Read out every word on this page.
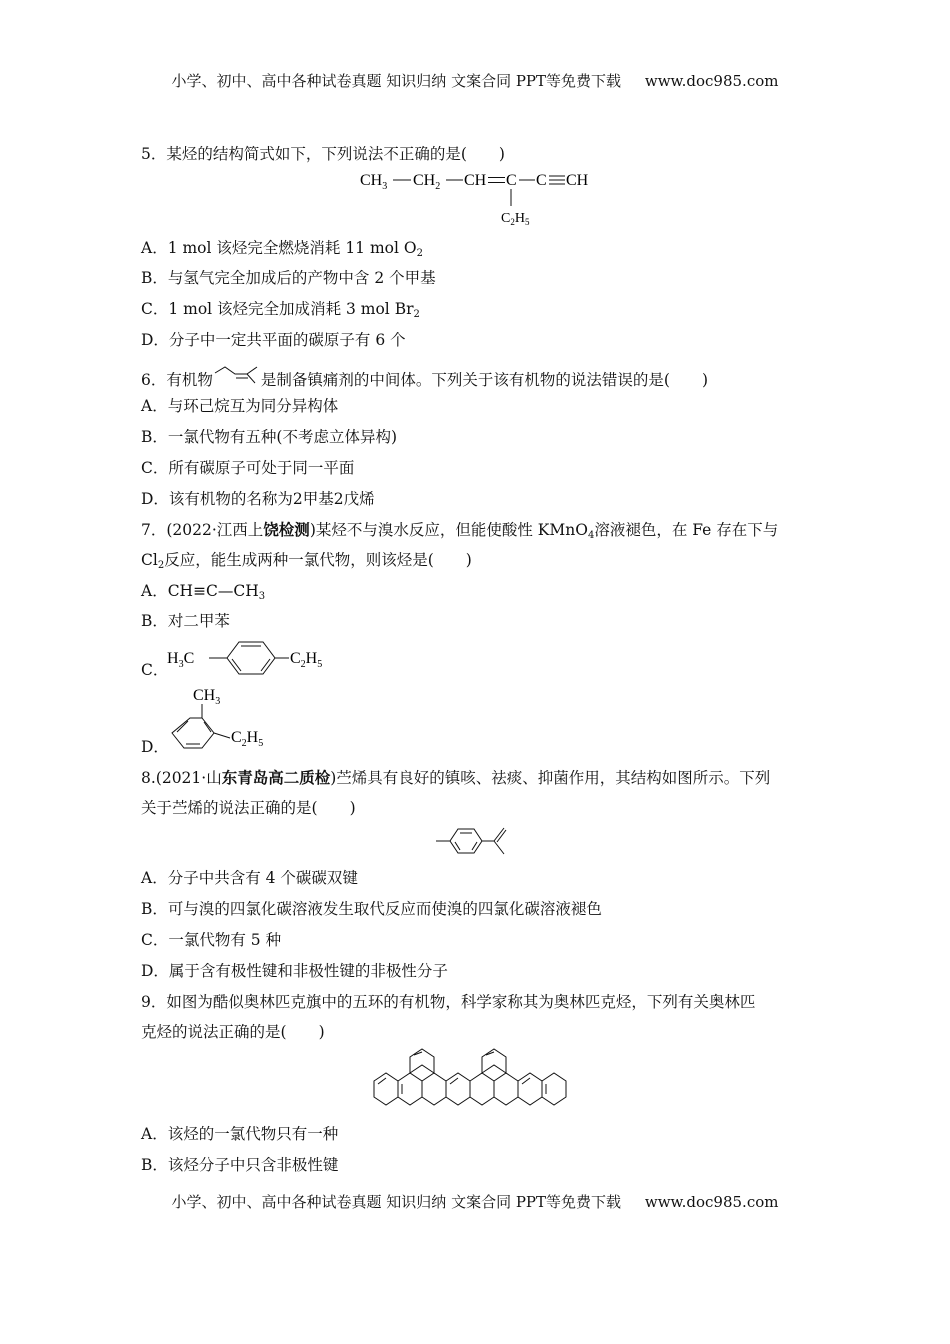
小学、初中、高中各种试卷真题 知识归纳 文案合同 PPT等免费下载 www.doc985.com
5．某烃的结构简式如下，下列说法不正确的是( )
$CH_3$ $CH_2$ CH C C CH
$C_2H_5$
A．1 mol 该烃完全燃烧消耗 11 mol $O_2$
B．与氢气完全加成后的产物中含 2 个甲基
C．1 mol 该烃完全加成消耗 3 mol $Br_2$
D．分子中一定共平面的碳原子有 6 个
6．有机物	是制备镇痛剂的中间体。下列关于该有机物的说法错误的是( )
A．与环己烷互为同分异构体
B．一氯代物有五种(不考虑立体异构)
C．所有碳原子可处于同一平面
D．该有机物的名称为2甲基2戊烯
7．(2022·江西上饶检测)某烃不与溴水反应，但能使酸性 KMnO$_4$溶液褪色，在 Fe 存在下与
$Cl_2$反应，能生成两种一氯代物，则该烃是( )
A．$CH\equiv C—CH_3$
B．对二甲苯
C．
$H_3C$	$C_2H_5$
D．
$CH_3$
$C_2H_5$
8.(2021·山东青岛高二质检)苎烯具有良好的镇咳、祛痰、抑菌作用，其结构如图所示。下列
关于苎烯的说法正确的是( )
A．分子中共含有 4 个碳碳双键
B．可与溴的四氯化碳溶液发生取代反应而使溴的四氯化碳溶液褪色
C．一氯代物有 5 种
D．属于含有极性键和非极性键的非极性分子
9．如图为酷似奥林匹克旗中的五环的有机物，科学家称其为奥林匹克烃，下列有关奥林匹
克烃的说法正确的是( )
A．该烃的一氯代物只有一种
B．该烃分子中只含非极性键
小学、初中、高中各种试卷真题 知识归纳 文案合同 PPT等免费下载 www.doc985.com
